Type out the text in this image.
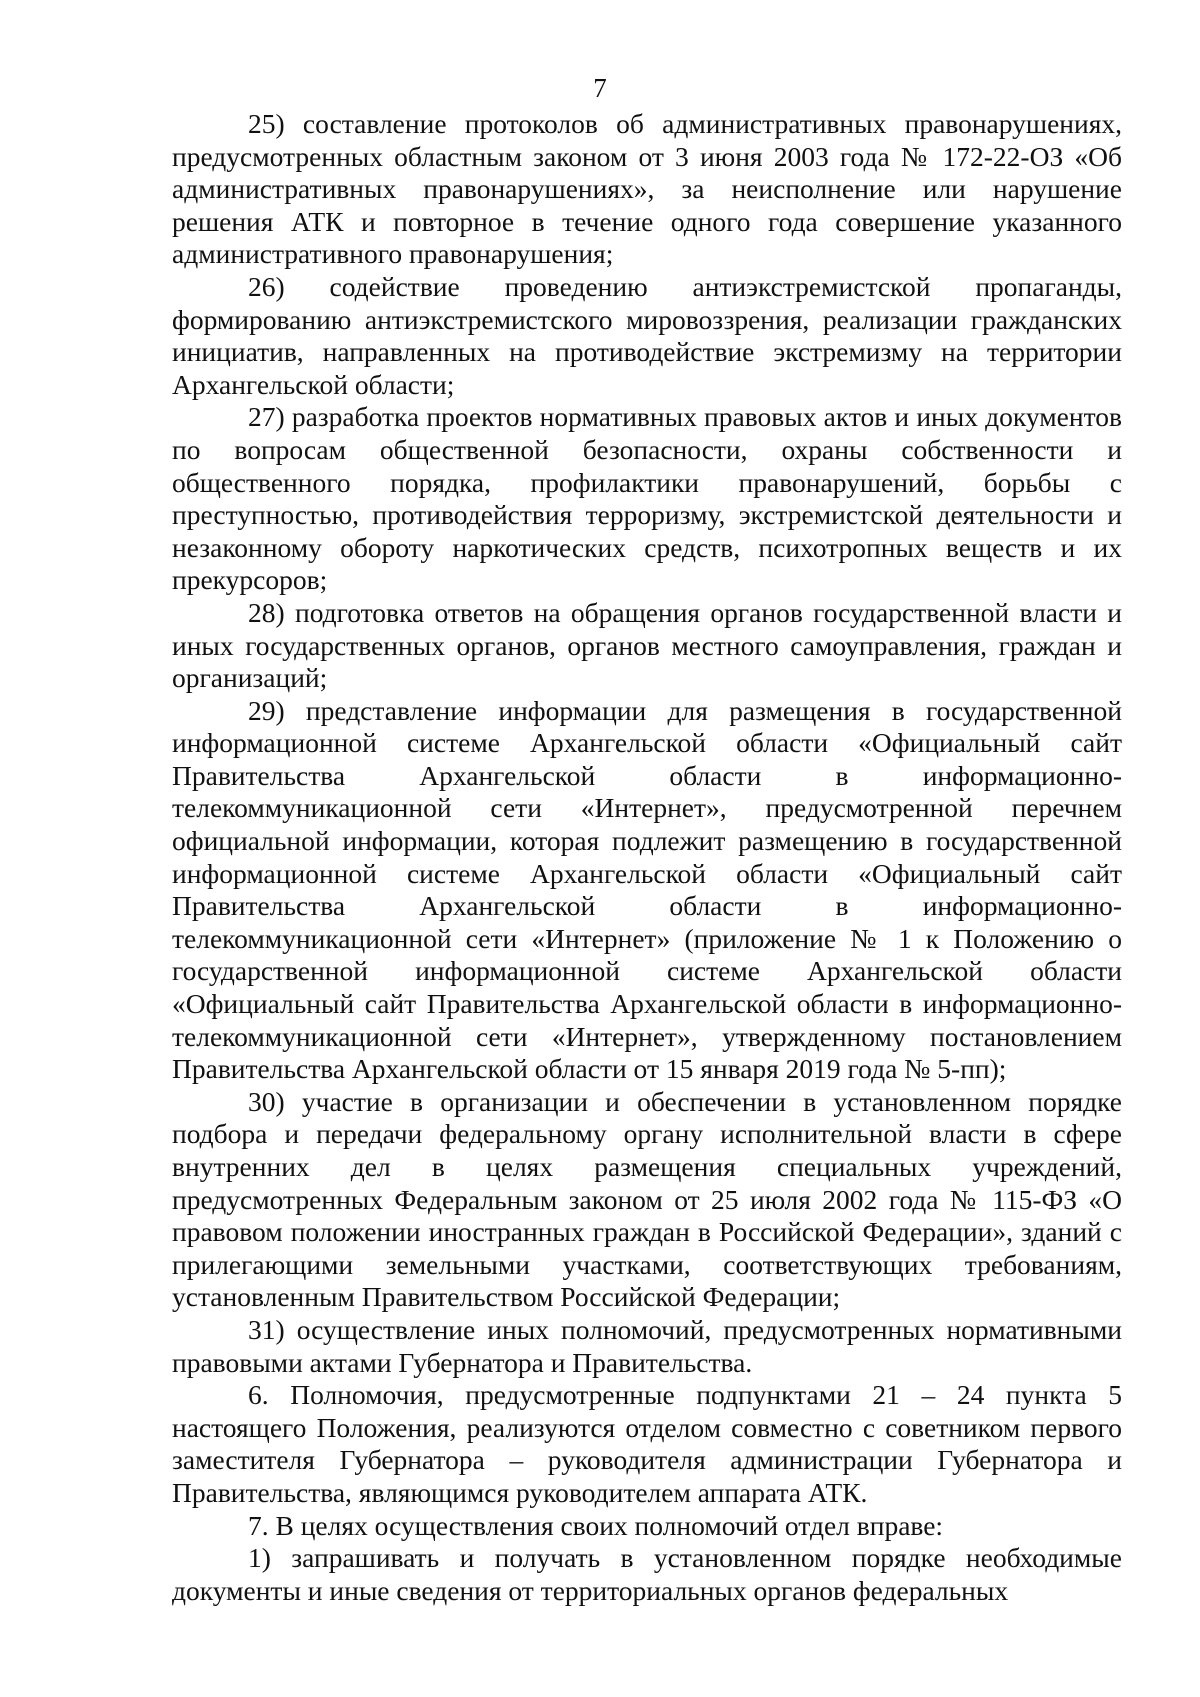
7

25) составление протоколов об административных правонарушениях, предусмотренных областным законом от 3 июня 2003 года № 172-22-ОЗ «Об административных правонарушениях», за неисполнение или нарушение решения АТК и повторное в течение одного года совершение указанного административного правонарушения;

26) содействие проведению антиэкстремистской пропаганды, формированию антиэкстремистского мировоззрения, реализации гражданских инициатив, направленных на противодействие экстремизму на территории Архангельской области;

27) разработка проектов нормативных правовых актов и иных документов по вопросам общественной безопасности, охраны собственности и общественного порядка, профилактики правонарушений, борьбы с преступностью, противодействия терроризму, экстремистской деятельности и незаконному обороту наркотических средств, психотропных веществ и их прекурсоров;

28) подготовка ответов на обращения органов государственной власти и иных государственных органов, органов местного самоуправления, граждан и организаций;

29) представление информации для размещения в государственной информационной системе Архангельской области «Официальный сайт Правительства Архангельской области в информационно-телекоммуникационной сети «Интернет», предусмотренной перечнем официальной информации, которая подлежит размещению в государственной информационной системе Архангельской области «Официальный сайт Правительства Архангельской области в информационно-телекоммуникационной сети «Интернет» (приложение № 1 к Положению о государственной информационной системе Архангельской области «Официальный сайт Правительства Архангельской области в информационно-телекоммуникационной сети «Интернет», утвержденному постановлением Правительства Архангельской области от 15 января 2019 года № 5-пп);

30) участие в организации и обеспечении в установленном порядке подбора и передачи федеральному органу исполнительной власти в сфере внутренних дел в целях размещения специальных учреждений, предусмотренных Федеральным законом от 25 июля 2002 года № 115-ФЗ «О правовом положении иностранных граждан в Российской Федерации», зданий с прилегающими земельными участками, соответствующих требованиям, установленным Правительством Российской Федерации;

31) осуществление иных полномочий, предусмотренных нормативными правовыми актами Губернатора и Правительства.

6. Полномочия, предусмотренные подпунктами 21 – 24 пункта 5 настоящего Положения, реализуются отделом совместно с советником первого заместителя Губернатора – руководителя администрации Губернатора и Правительства, являющимся руководителем аппарата АТК.

7. В целях осуществления своих полномочий отдел вправе:

1) запрашивать и получать в установленном порядке необходимые документы и иные сведения от территориальных органов федеральных
